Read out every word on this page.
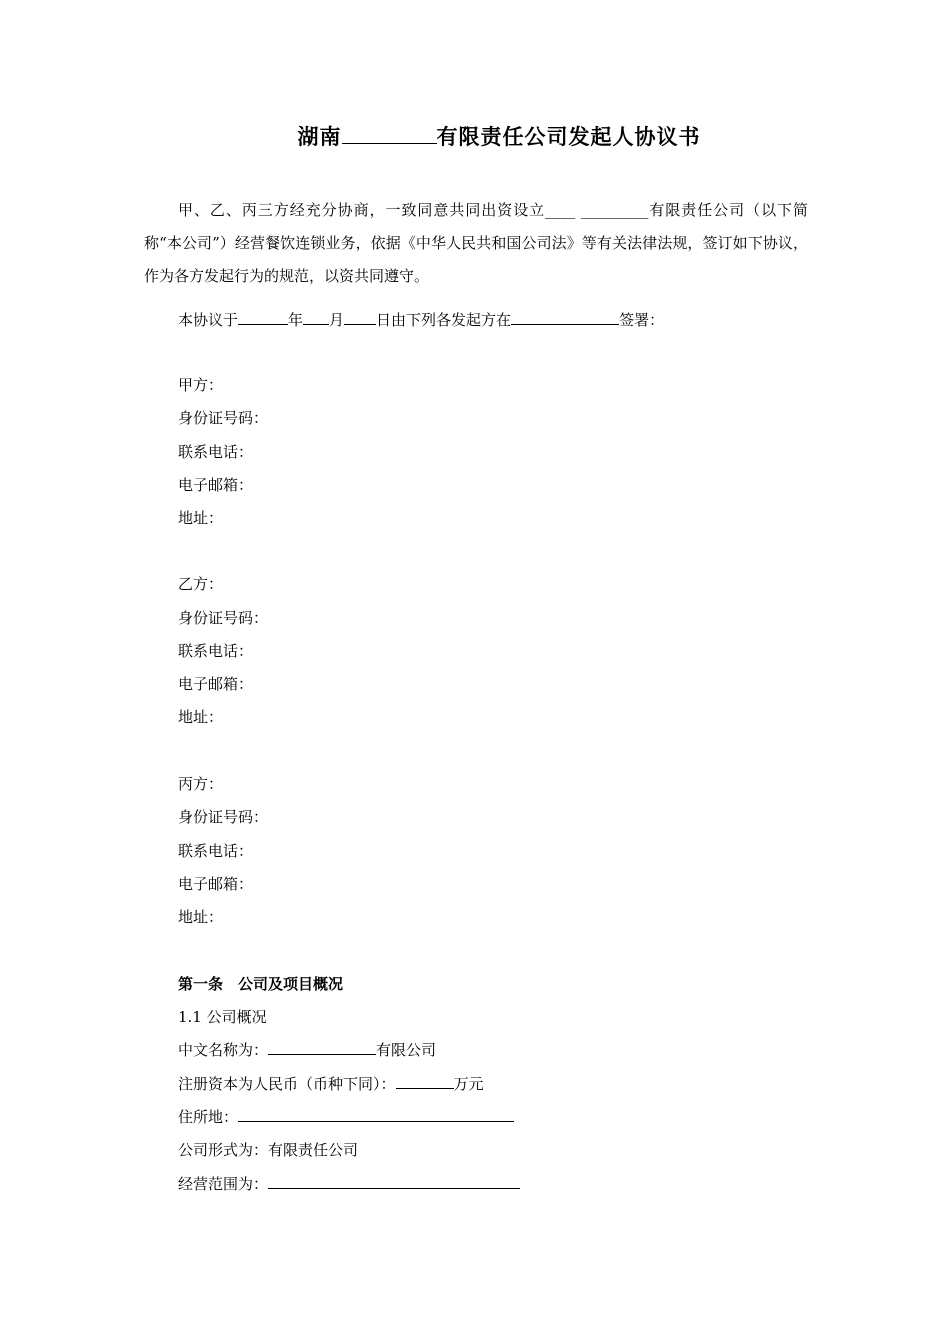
湖南	有限责任公司发起人协议书
甲、乙、丙三方经充分协商，一致同意共同出资设立____ _________有限责任公司（以下简称“本公司”）经营餐饮连锁业务，依据《中华人民共和国公司法》等有关法律法规，签订如下协议，作为各方发起行为的规范，以资共同遵守。
本协议于	年 月 日由下列各发起方在	签署：
甲方：
身份证号码：
联系电话：
电子邮箱：
地址：
乙方：
身份证号码：
联系电话：
电子邮箱：
地址：
丙方：
身份证号码：
联系电话：
电子邮箱：
地址：
第一条　公司及项目概况
1.1 公司概况
中文名称为：	有限公司
注册资本为人民币（币种下同）：	万元
住所地：
公司形式为：有限责任公司
经营范围为：
